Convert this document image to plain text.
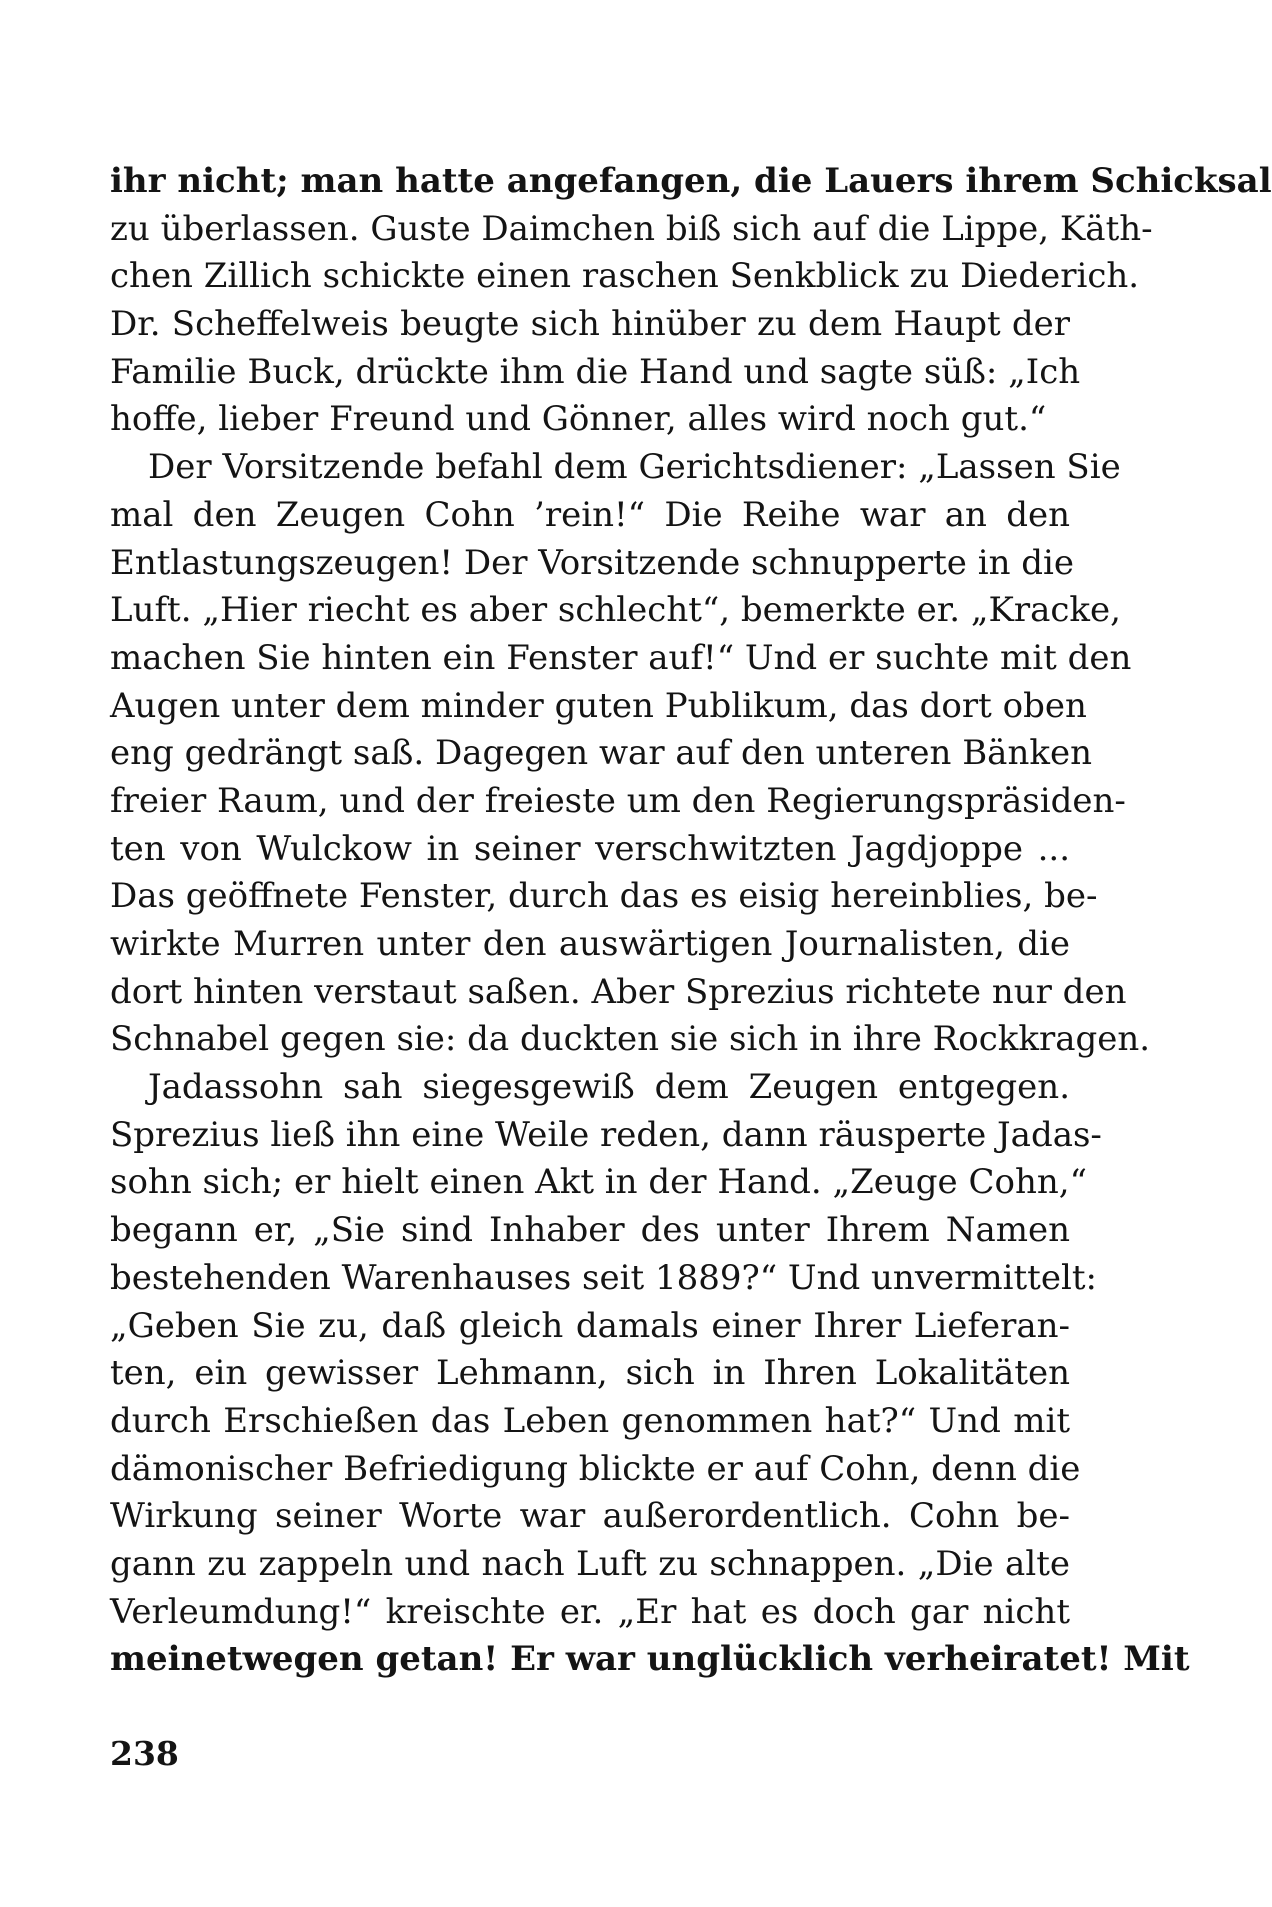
ihr nicht; man hatte angefangen, die Lauers ihrem Schicksal
zu überlassen. Guste Daimchen biß sich auf die Lippe, Käth-
chen Zillich schickte einen raschen Senkblick zu Diederich.
Dr. Scheffelweis beugte sich hinüber zu dem Haupt der
Familie Buck, drückte ihm die Hand und sagte süß: „Ich
hoffe, lieber Freund und Gönner, alles wird noch gut.“
Der Vorsitzende befahl dem Gerichtsdiener: „Lassen Sie
mal den Zeugen Cohn ’rein!“ Die Reihe war an den
Entlastungszeugen! Der Vorsitzende schnupperte in die
Luft. „Hier riecht es aber schlecht“, bemerkte er. „Kracke,
machen Sie hinten ein Fenster auf!“ Und er suchte mit den
Augen unter dem minder guten Publikum, das dort oben
eng gedrängt saß. Dagegen war auf den unteren Bänken
freier Raum, und der freieste um den Regierungspräsiden-
ten von Wulckow in seiner verschwitzten Jagdjoppe ...
Das geöffnete Fenster, durch das es eisig hereinblies, be-
wirkte Murren unter den auswärtigen Journalisten, die
dort hinten verstaut saßen. Aber Sprezius richtete nur den
Schnabel gegen sie: da duckten sie sich in ihre Rockkragen.
Jadassohn sah siegesgewiß dem Zeugen entgegen.
Sprezius ließ ihn eine Weile reden, dann räusperte Jadas-
sohn sich; er hielt einen Akt in der Hand. „Zeuge Cohn,“
begann er, „Sie sind Inhaber des unter Ihrem Namen
bestehenden Warenhauses seit 1889?“ Und unvermittelt:
„Geben Sie zu, daß gleich damals einer Ihrer Lieferan-
ten, ein gewisser Lehmann, sich in Ihren Lokalitäten
durch Erschießen das Leben genommen hat?“ Und mit
dämonischer Befriedigung blickte er auf Cohn, denn die
Wirkung seiner Worte war außerordentlich. Cohn be-
gann zu zappeln und nach Luft zu schnappen. „Die alte
Verleumdung!“ kreischte er. „Er hat es doch gar nicht
meinetwegen getan! Er war unglücklich verheiratet! Mit
238
